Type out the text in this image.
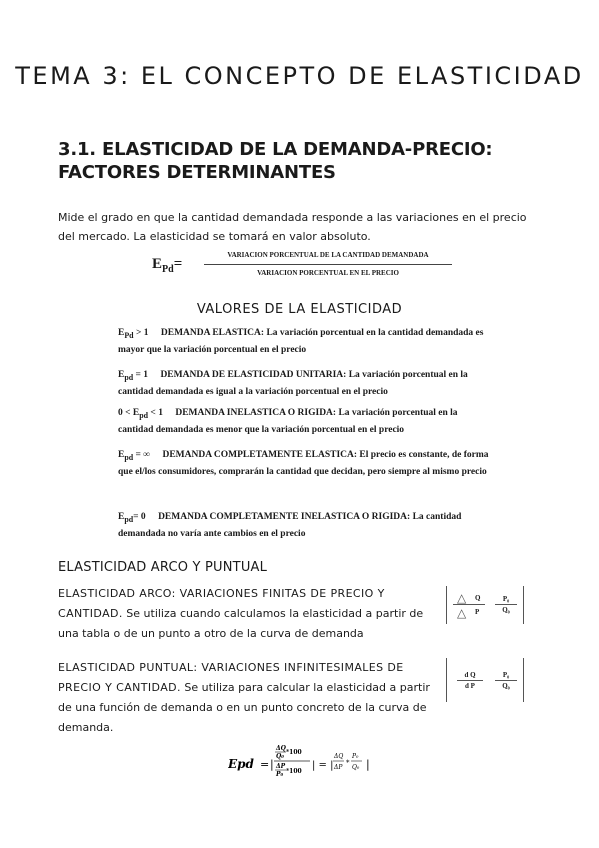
TEMA 3: EL CONCEPTO DE ELASTICIDAD
3.1. ELASTICIDAD DE LA DEMANDA-PRECIO: FACTORES DETERMINANTES
Mide el grado en que la cantidad demandada responde a las variaciones en el precio del mercado. La elasticidad se tomará en valor absoluto.
$E_{Pd}=$
VARIACION PORCENTUAL DE LA CANTIDAD DEMANDADA
VARIACION PORCENTUAL EN EL PRECIO
VALORES DE LA ELASTICIDAD
$E_{Pd} > 1$ DEMANDA ELASTICA: La variación porcentual en la cantidad demandada es mayor que la variación porcentual en el precio
$E_{pd} = 1$ DEMANDA DE ELASTICIDAD UNITARIA: La variación porcentual en la cantidad demandada es igual a la variación porcentual en el precio
$0 < E_{pd} < 1$ DEMANDA INELASTICA O RIGIDA: La variación porcentual en la cantidad demandada es menor que la variación porcentual en el precio
$E_{pd}$ = ∞ DEMANDA COMPLETAMENTE ELASTICA: El precio es constante, de forma que el/los consumidores, comprarán la cantidad que decidan, pero siempre al mismo precio
$E_{pd}= 0$ DEMANDA COMPLETAMENTE INELASTICA O RIGIDA: La cantidad demandada no varía ante cambios en el precio
ELASTICIDAD ARCO Y PUNTUAL
ELASTICIDAD ARCO: VARIACIONES FINITAS DE PRECIO Y CANTIDAD. Se utiliza cuando calculamos la elasticidad a partir de una tabla o de un punto a otro de la curva de demanda
△
△
Q
P $\frac{\text{P₀}}{\text{Q₀}}$
ELASTICIDAD PUNTUAL: VARIACIONES INFINITESIMALES DE PRECIO Y CANTIDAD. Se utiliza para calcular la elasticidad a partir de una función de demanda o en un punto concreto de la curva de demanda.
$\frac{\text{d Q}}{\text{d P}} \frac{\text{P₀}}{\text{Q₀}}$
Epd = |
ΔQ
Q₀
*100
ΔP
P₀ *100
| = |
ΔQ
ΔP
*
P₀
Q₀ |
